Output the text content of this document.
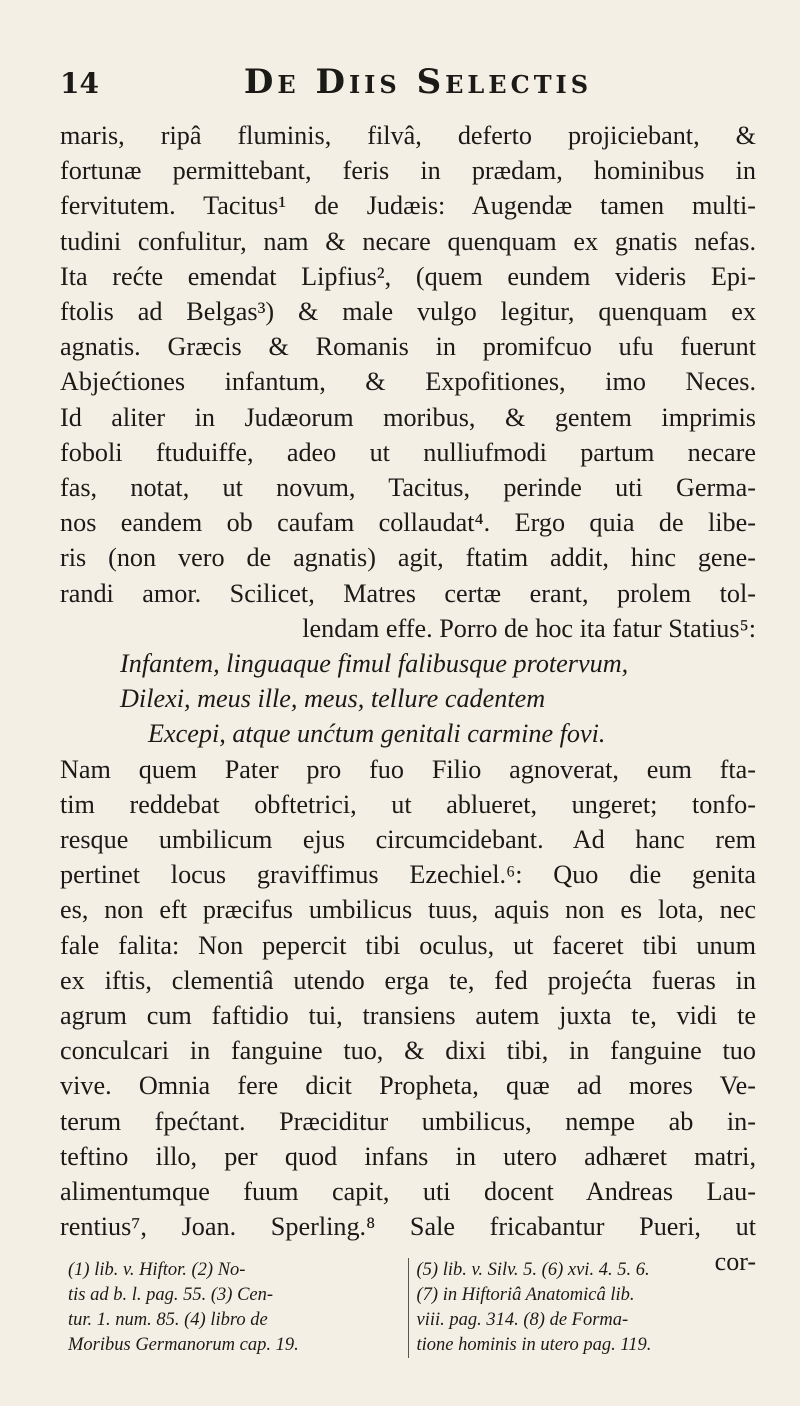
14	De Diis Selectis
maris, ripâ fluminis, filvâ, deferto projiciebant, &
fortunæ permittebant, feris in prædam, hominibus in
fervitutem. Tacitus¹ de Judæis: Augendæ tamen multi-
tudini confulitur, nam & necare quenquam ex gnatis nefas.
Ita rećte emendat Lipfius², (quem eundem videris Epi-
ftolis ad Belgas³) & male vulgo legitur, quenquam ex
agnatis. Græcis & Romanis in promifcuo ufu fuerunt
Abjećtiones infantum, & Expofitiones, imo Neces.
Id aliter in Judæorum moribus, & gentem imprimis
foboli ftuduiffe, adeo ut nulliufmodi partum necare
fas, notat, ut novum, Tacitus, perinde uti Germa-
nos eandem ob caufam collaudat⁴. Ergo quia de libe-
ris (non vero de agnatis) agit, ftatim addit, hinc gene-
randi amor. Scilicet, Matres certæ erant, prolem tol-
lendam effe. Porro de hoc ita fatur Statius⁵:
Infantem, linguaque fimul falibusque protervum,
Dilexi, meus ille, meus, tellure cadentem
Excepi, atque unćtum genitali carmine fovi.
Nam quem Pater pro fuo Filio agnoverat, eum fta-
tim reddebat obftetrici, ut ablueret, ungeret; tonfo-
resque umbilicum ejus circumcidebant. Ad hanc rem
pertinet locus graviffimus Ezechiel.⁶: Quo die genita
es, non eft præcifus umbilicus tuus, aquis non es lota, nec
fale falita: Non pepercit tibi oculus, ut faceret tibi unum
ex iftis, clementiâ utendo erga te, fed projećta fueras in
agrum cum faftidio tui, transiens autem juxta te, vidi te
conculcari in fanguine tuo, & dixi tibi, in fanguine tuo
vive. Omnia fere dicit Propheta, quæ ad mores Ve-
terum fpećtant. Præciditur umbilicus, nempe ab in-
teftino illo, per quod infans in utero adhæret matri,
alimentumque fuum capit, uti docent Andreas Lau-
rentius⁷, Joan. Sperling.⁸ Sale fricabantur Pueri, ut
cor-
(1) lib. v. Hiftor. (2) No-
tis ad b. l. pag. 55. (3) Cen-
tur. 1. num. 85. (4) libro de
Moribus Germanorum cap. 19.
(5) lib. v. Silv. 5. (6) xvi. 4. 5. 6.
(7) in Hiftoriâ Anatomicâ lib.
viii. pag. 314. (8) de Forma-
tione hominis in utero pag. 119.
